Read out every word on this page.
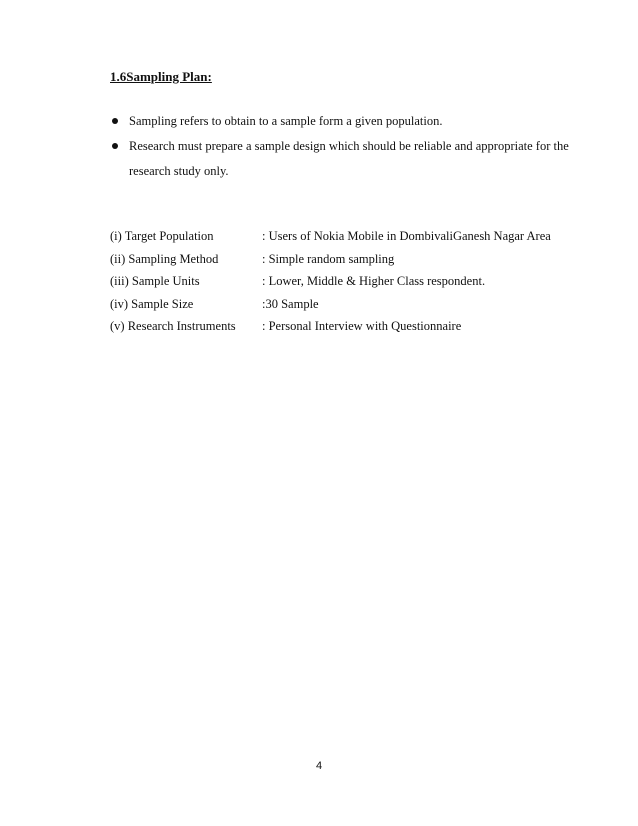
1.6Sampling Plan:
Sampling refers to obtain to a sample form a given population.
Research must prepare a sample design which should be reliable and appropriate for the research study only.
(i) Target Population	: Users of Nokia Mobile in DombivaliGanesh Nagar Area
(ii) Sampling Method	: Simple random sampling
(iii) Sample Units	: Lower, Middle & Higher Class respondent.
(iv) Sample Size	:30 Sample
(v) Research Instruments	: Personal Interview with Questionnaire
4
